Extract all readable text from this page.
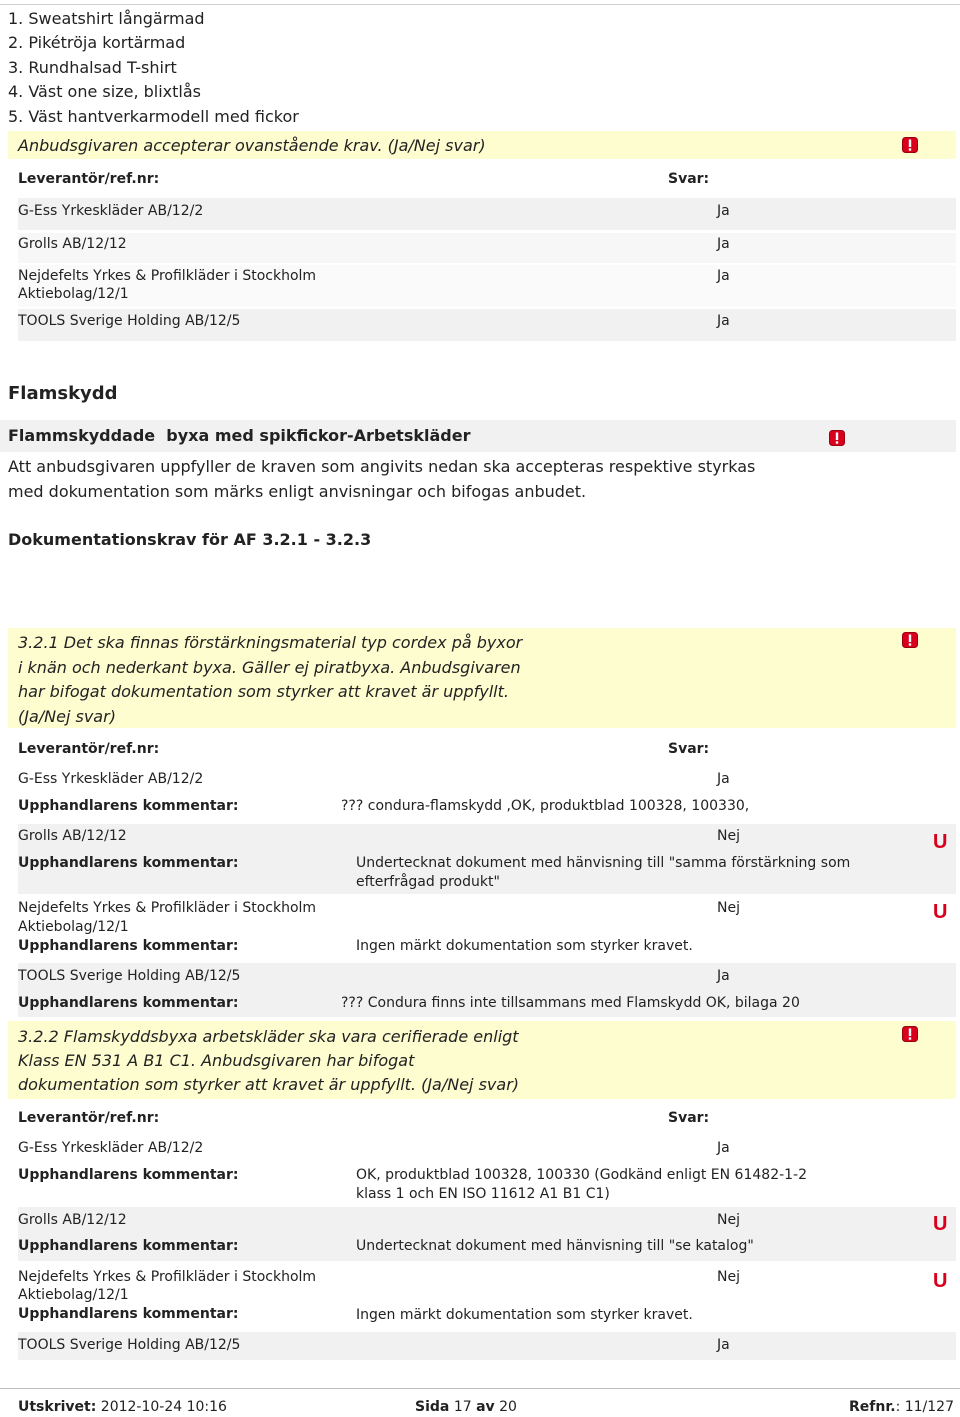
1. Sweatshirt långärmad
2. Pikétröja kortärmad
3. Rundhalsad T-shirt
4. Väst one size, blixtlås
5. Väst hantverkarmodell med fickor
Anbudsgivaren accepterar ovanstående krav. (Ja/Nej svar)
Leverantör/ref.nr:	Svar:
G-Ess Yrkeskläder AB/12/2	Ja
Grolls AB/12/12	Ja
Nejdefelts Yrkes & Profilkläder i Stockholm
Aktiebolag/12/1
Ja
TOOLS Sverige Holding AB/12/5	Ja
Flamskydd
Flammskyddade  byxa med spikfickor-Arbetskläder
Att anbudsgivaren uppfyller de kraven som angivits nedan ska accepteras respektive styrkas
med dokumentation som märks enligt anvisningar och bifogas anbudet.
Dokumentationskrav för AF 3.2.1 - 3.2.3
3.2.1 Det ska finnas förstärkningsmaterial typ cordex på byxor
i knän och nederkant byxa. Gäller ej piratbyxa. Anbudsgivaren
har bifogat dokumentation som styrker att kravet är uppfyllt.
(Ja/Nej svar)
Leverantör/ref.nr:	Svar:
G-Ess Yrkeskläder AB/12/2	Ja
Upphandlarens kommentar:	??? condura-flamskydd ,OK, produktblad 100328, 100330,
Grolls AB/12/12	Nej	U
Upphandlarens kommentar:	Undertecknat dokument med hänvisning till "samma förstärkning som
efterfrågad produkt"
Nejdefelts Yrkes & Profilkläder i Stockholm
Aktiebolag/12/1
Nej	U
Upphandlarens kommentar:	Ingen märkt dokumentation som styrker kravet.
TOOLS Sverige Holding AB/12/5	Ja
Upphandlarens kommentar:	??? Condura finns inte tillsammans med Flamskydd OK, bilaga 20
3.2.2 Flamskyddsbyxa arbetskläder ska vara cerifierade enligt
Klass EN 531 A B1 C1. Anbudsgivaren har bifogat
dokumentation som styrker att kravet är uppfyllt. (Ja/Nej svar)
Leverantör/ref.nr:	Svar:
G-Ess Yrkeskläder AB/12/2	Ja
Upphandlarens kommentar:	OK, produktblad 100328, 100330 (Godkänd enligt EN 61482-1-2
klass 1 och EN ISO 11612 A1 B1 C1)
Grolls AB/12/12	Nej	U
Upphandlarens kommentar:	Undertecknat dokument med hänvisning till "se katalog"
Nejdefelts Yrkes & Profilkläder i Stockholm
Aktiebolag/12/1
Nej	U
Upphandlarens kommentar:	Ingen märkt dokumentation som styrker kravet.
TOOLS Sverige Holding AB/12/5	Ja
Utskrivet: 2012-10-24 10:16	Sida 17 av 20	Refnr.: 11/127
